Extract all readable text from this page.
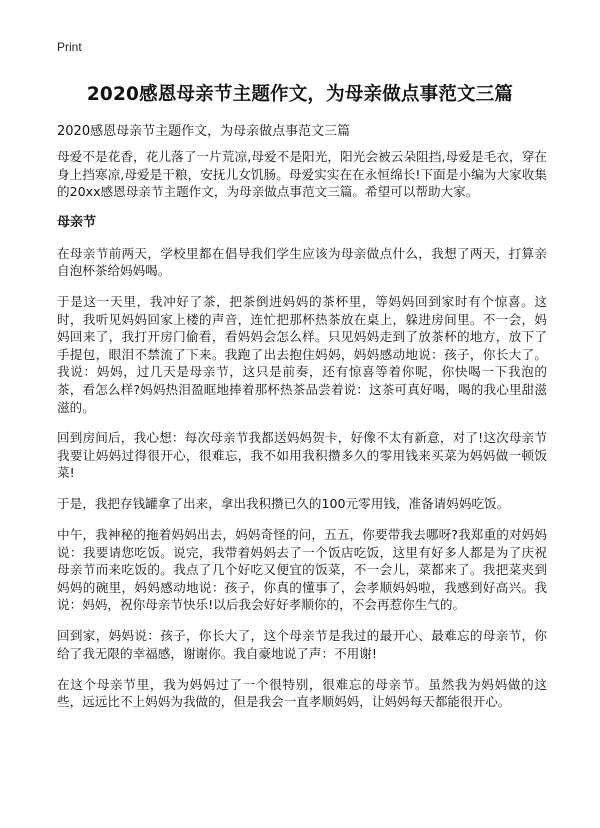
Print
2020感恩母亲节主题作文，为母亲做点事范文三篇
2020感恩母亲节主题作文，为母亲做点事范文三篇

母爱不是花香，花儿落了一片荒凉,母爱不是阳光，阳光会被云朵阻挡,母爱是毛衣，穿在身上挡寒凉,母爱是干粮，安抚儿女饥肠。母爱实实在在永恒绵长!下面是小编为大家收集的20xx感恩母亲节主题作文，为母亲做点事范文三篇。希望可以帮助大家。

母亲节

在母亲节前两天，学校里都在倡导我们学生应该为母亲做点什么，我想了两天，打算亲自泡杯茶给妈妈喝。

于是这一天里，我冲好了茶，把茶倒进妈妈的茶杯里，等妈妈回到家时有个惊喜。这时，我听见妈妈回家上楼的声音，连忙把那杯热茶放在桌上，躲进房间里。不一会，妈妈回来了，我打开房门偷看，看妈妈会怎么样。只见妈妈走到了放茶杯的地方，放下了手提包，眼泪不禁流了下来。我跑了出去抱住妈妈，妈妈感动地说：孩子，你长大了。我说：妈妈，过几天是母亲节，这只是前奏，还有惊喜等着你呢，你快喝一下我泡的茶，看怎么样?妈妈热泪盈眶地捧着那杯热茶品尝着说：这茶可真好喝，喝的我心里甜滋滋的。

回到房间后，我心想：每次母亲节我都送妈妈贺卡，好像不太有新意，对了!这次母亲节我要让妈妈过得很开心，很难忘，我不如用我积攒多久的零用钱来买菜为妈妈做一顿饭菜!

于是，我把存钱罐拿了出来，拿出我积攒已久的100元零用钱，准备请妈妈吃饭。

中午，我神秘的拖着妈妈出去，妈妈奇怪的问，五五，你要带我去哪呀?我郑重的对妈妈说：我要请您吃饭。说完，我带着妈妈去了一个饭店吃饭，这里有好多人都是为了庆祝母亲节而来吃饭的。我点了几个好吃又便宜的饭菜，不一会儿，菜都来了。我把菜夹到妈妈的碗里，妈妈感动地说：孩子，你真的懂事了，会孝顺妈妈啦，我感到好高兴。我说：妈妈，祝你母亲节快乐!以后我会好好孝顺你的，不会再惹你生气的。

回到家，妈妈说：孩子，你长大了，这个母亲节是我过的最开心、最难忘的母亲节，你给了我无限的幸福感，谢谢你。我自豪地说了声：不用谢!

在这个母亲节里，我为妈妈过了一个很特别，很难忘的母亲节。虽然我为妈妈做的这些，远远比不上妈妈为我做的，但是我会一直孝顺妈妈，让妈妈每天都能很开心。
